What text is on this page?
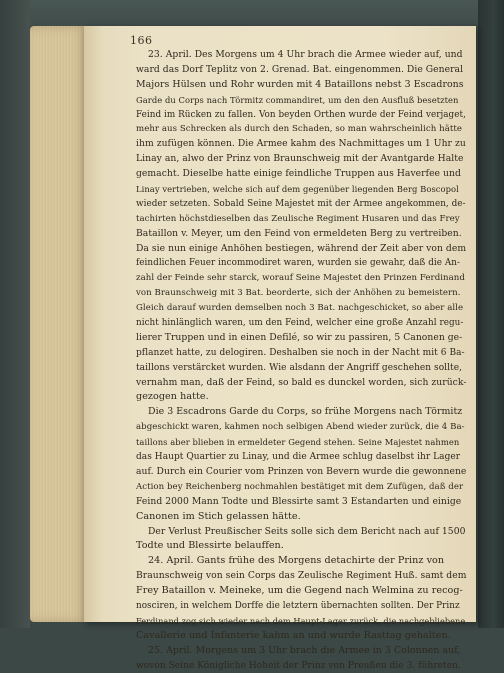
166
23. April. Des Morgens um 4 Uhr brach die Armee wieder auf, und
ward das Dorf Teplitz von 2. Grenad. Bat. eingenommen. Die General
Majors Hülsen und Rohr wurden mit 4 Bataillons nebst 3 Escadrons
Garde du Corps nach Törmitz commandiret, um den den Ausfluß besetzten
Feind im Rücken zu fallen. Von beyden Orthen wurde der Feind verjaget,
mehr aus Schrecken als durch den Schaden, so man wahrscheinlich hätte
ihm zufügen können. Die Armee kahm des Nachmittages um 1 Uhr zu
Linay an, alwo der Prinz von Braunschweig mit der Avantgarde Halte
gemacht. Dieselbe hatte einige feindliche Truppen aus Haverfee und
Linay vertrieben, welche sich auf dem gegenüber liegenden Berg Boscopol
wieder setzeten. Sobald Seine Majestet mit der Armee angekommen, de-
tachirten höchstdieselben das Zeulische Regiment Husaren und das Frey
Bataillon v. Meyer, um den Feind von ermeldeten Berg zu vertreiben.
Da sie nun einige Anhöhen bestiegen, während der Zeit aber von dem
feindlichen Feuer incommodiret waren, wurden sie gewahr, daß die An-
zahl der Feinde sehr starck, worauf Seine Majestet den Prinzen Ferdinand
von Braunschweig mit 3 Bat. beorderte, sich der Anhöhen zu bemeistern.
Gleich darauf wurden demselben noch 3 Bat. nachgeschicket, so aber alle
nicht hinlänglich waren, um den Feind, welcher eine große Anzahl regu-
lierer Truppen und in einen Defilé, so wir zu passiren, 5 Canonen ge-
pflanzet hatte, zu delogiren. Deshalben sie noch in der Nacht mit 6 Ba-
taillons verstärcket wurden. Wie alsdann der Angriff geschehen sollte,
vernahm man, daß der Feind, so bald es dunckel worden, sich zurück-
gezogen hatte.
Die 3 Escadrons Garde du Corps, so frühe Morgens nach Törmitz
abgeschickt waren, kahmen noch selbigen Abend wieder zurück, die 4 Ba-
taillons aber blieben in ermeldeter Gegend stehen. Seine Majestet nahmen
das Haupt Quartier zu Linay, und die Armee schlug daselbst ihr Lager
auf. Durch ein Courier vom Prinzen von Bevern wurde die gewonnene
Action bey Reichenberg nochmahlen bestätiget mit dem Zufügen, daß der
Feind 2000 Mann Todte und Blessirte samt 3 Estandarten und einige
Canonen im Stich gelassen hätte.
Der Verlust Preußischer Seits solle sich dem Bericht nach auf 1500
Todte und Blessirte belauffen.
24. April. Gants frühe des Morgens detachirte der Prinz von
Braunschweig von sein Corps das Zeulische Regiment Huß. samt dem
Frey Bataillon v. Meineke, um die Gegend nach Welmina zu recog-
nosciren, in welchem Dorffe die letztern übernachten sollten. Der Prinz
Ferdinand zog sich wieder nach dem Haupt-Lager zurück, die nachgebliebene
Cavallerie und Infanterie kahm an und wurde Rasttag gehalten.
25. April. Morgens um 3 Uhr brach die Armee in 3 Colonnen auf,
wovon Seine Königliche Hoheit der Prinz von Preußen die 3. führeten.
